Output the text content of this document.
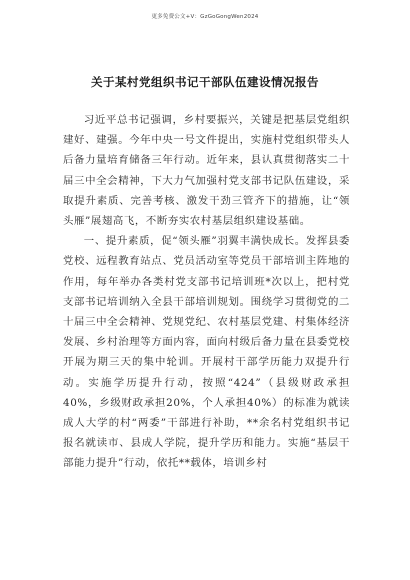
更多免费公文+V：GzGoGongWen2024
关于某村党组织书记干部队伍建设情况报告

习近平总书记强调，乡村要振兴，关键是把基层党组织建好、建强。今年中央一号文件提出，实施村党组织带头人后备力量培育储备三年行动。近年来，县认真贯彻落实二十届三中全会精神，下大力气加强村党支部书记队伍建设，采取提升素质、完善考核、激发干劲三管齐下的措施，让“领头雁”展翅高飞，不断夯实农村基层组织建设基础。

一、提升素质，促“领头雁”羽翼丰满快成长。发挥县委党校、远程教育站点、党员活动室等党员干部培训主阵地的作用，每年举办各类村党支部书记培训班*次以上，把村党支部书记培训纳入全县干部培训规划。围绕学习贯彻党的二十届三中全会精神、党规党纪、农村基层党建、村集体经济发展、乡村治理等方面内容，面向村级后备力量在县委党校开展为期三天的集中轮训。开展村干部学历能力双提升行动。实施学历提升行动，按照“424”（县级财政承担40%，乡级财政承担20%，个人承担40%）的标准为就读成人大学的村“两委”干部进行补助，**余名村党组织书记报名就读市、县成人学院，提升学历和能力。实施“基层干部能力提升”行动，依托**载体，培训乡村
